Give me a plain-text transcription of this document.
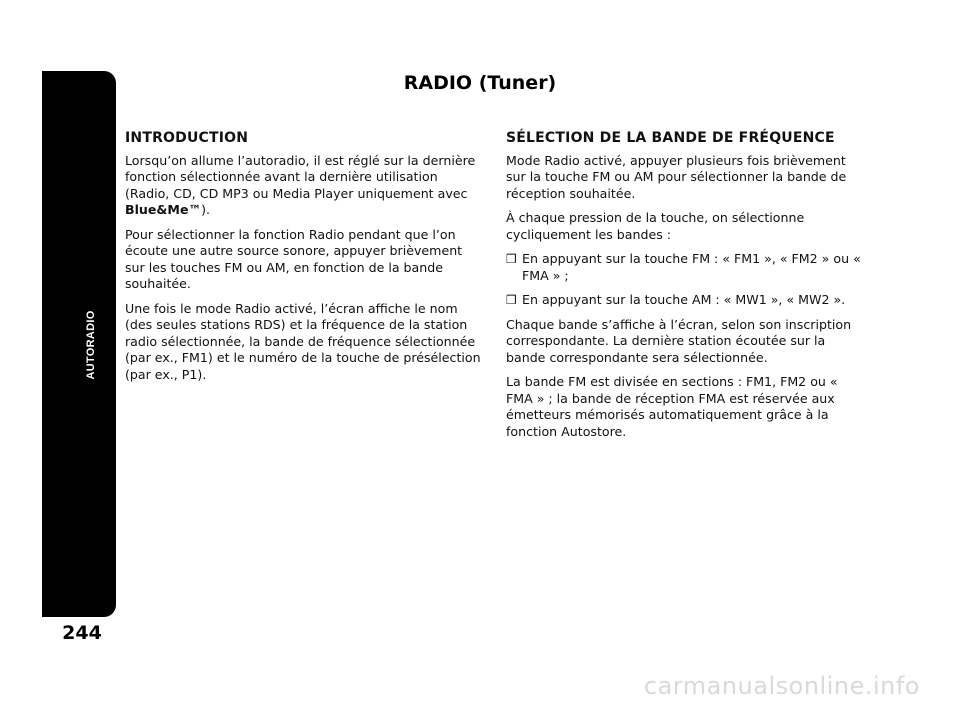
AUTORADIO
244
RADIO (Tuner)
INTRODUCTION

Lorsqu’on allume l’autoradio, il est réglé sur la dernière fonction sélectionnée avant la dernière utilisation (Radio, CD, CD MP3 ou Media Player uniquement avec Blue&Me™).

Pour sélectionner la fonction Radio pendant que l’on écoute une autre source sonore, appuyer brièvement sur les touches FM ou AM, en fonction de la bande souhaitée.

Une fois le mode Radio activé, l’écran affiche le nom (des seules stations RDS) et la fréquence de la station radio sélectionnée, la bande de fréquence sélectionnée (par ex., FM1) et le numéro de la touche de présélection (par ex., P1).

SÉLECTION DE LA BANDE DE FRÉQUENCE

Mode Radio activé, appuyer plusieurs fois brièvement sur la touche FM ou AM pour sélectionner la bande de réception souhaitée.

À chaque pression de la touche, on sélectionne cycliquement les bandes :

❒ En appuyant sur la touche FM : « FM1 », « FM2 » ou « FMA » ;
❒ En appuyant sur la touche AM : « MW1 », « MW2 ».

Chaque bande s’affiche à l’écran, selon son inscription correspondante. La dernière station écoutée sur la bande correspondante sera sélectionnée.

La bande FM est divisée en sections : FM1, FM2 ou « FMA » ; la bande de réception FMA est réservée aux émetteurs mémorisés automatiquement grâce à la fonction Autostore.

carmanualsonline.info
